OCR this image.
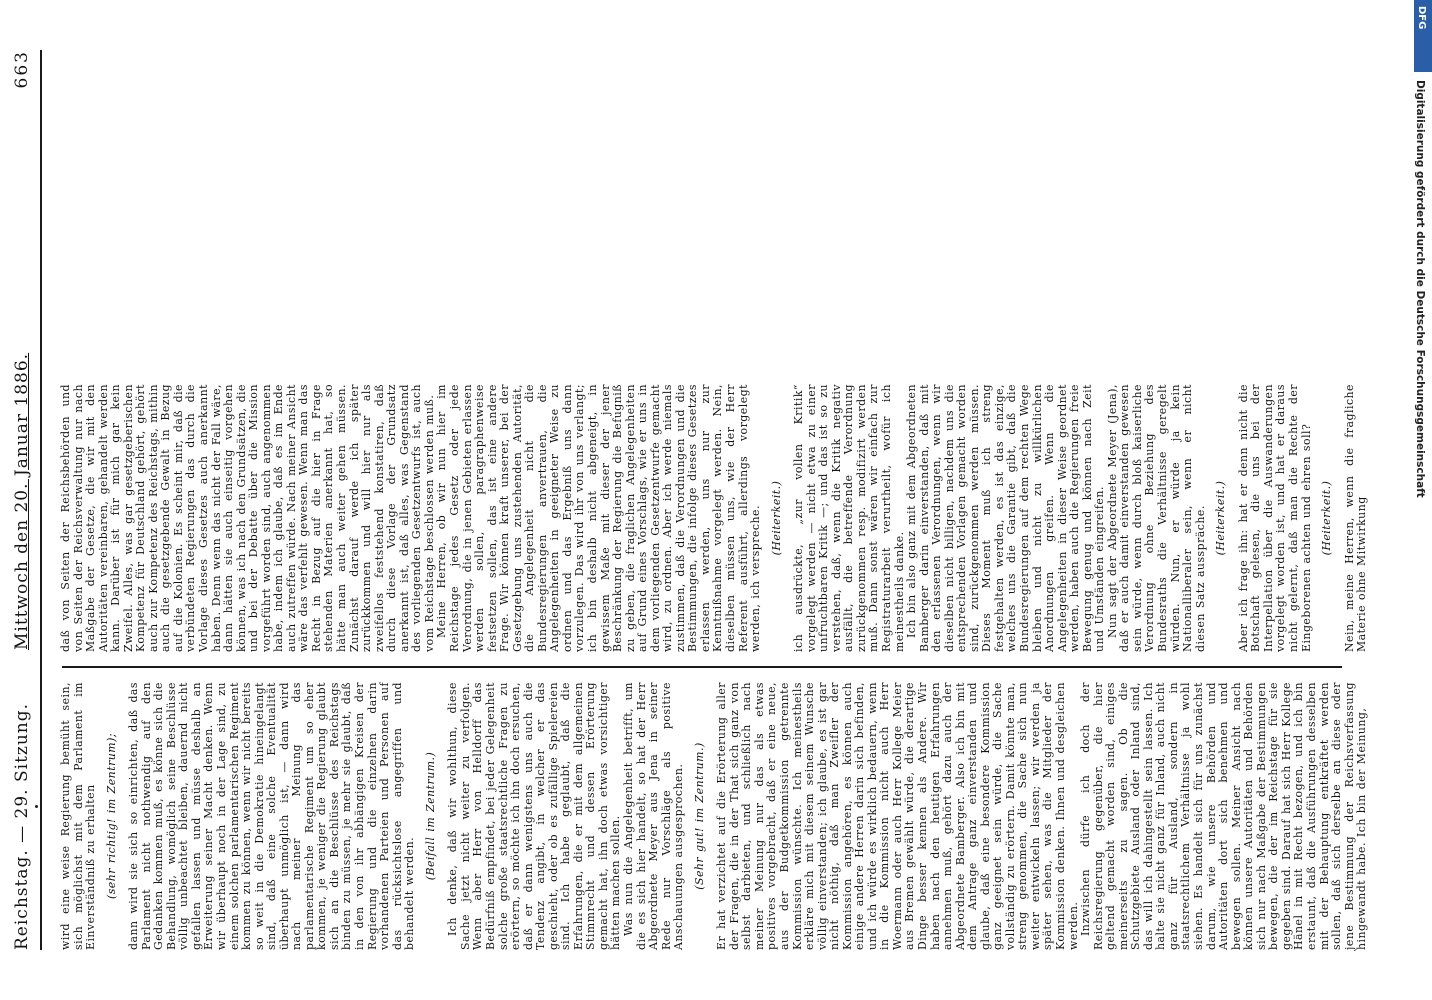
Reichstag. — 29. Sitzung.
Mittwoch den 20. Januar 1886.
663

wird eine weise Regierung bemüht sein, sich möglichst mit dem Parlament im Einverständniß zu erhalten (sehr richtig! im Zentrum); dann wird sie sich so einrichten, daß das Parlament nicht nothwendig auf den Gedanken kommen muß, es könne sich die Behandlung, womöglich seine Beschlüsse völlig unbeachtet bleiben, dauernd nicht gefallen lassen und müsse deshalb an Erweiterung seiner Macht denken. Wenn wir überhaupt noch in der Lage sind, zu einem solchen parlamentarischen Regiment kommen zu können, wenn wir nicht bereits so weit in die Demokratie hineingelangt sind, daß eine solche Eventualität überhaupt unmöglich ist, — dann wird nach meiner Meinung das parlamentarische Regiment um so eher kommen, je weniger die Regierung glaubt sich an die Beschlüsse des Reichstags binden zu müssen, je mehr sie glaubt, daß in den von ihr abhängigen Kreisen der Regierung und die einzelnen darin vorhandenen Parteien und Personen auf das rücksichtslose angegriffen und behandelt werden.

(Beifall im Zentrum.) Ich denke, daß wir wohlthun, diese Sache jetzt nicht weiter zu verfolgen. Wenn aber Herr von Helldorff das Bedürfniß empfindet, bei jeder Gelegenheit solche große staatsrechtliche Fragen zu erörtern, so möchte ich ihn doch ersuchen, daß er dann wenigstens uns auch die Tendenz angibt, in welcher er das geschieht, oder ob es zufällige Spielereien sind. Ich habe geglaubt, daß die Erfahrungen, die er mit dem allgemeinen Stimmrecht und dessen Erörterung gemacht hat, ihn doch etwas vorsichtiger hätten machen sollen. Was nun die Angelegenheit betrifft, um die es sich hier handelt, so hat der Herr Abgeordnete Meyer aus Jena in seiner Rede nur Vorschläge als positive Anschauungen ausgesprochen. (Sehr gut! im Zentrum.) Er hat verzichtet auf die Erörterung aller der Fragen, die in der That sich ganz von selbst darbieten, und schließlich nach meiner Meinung nur das als etwas positives vorgebracht, daß er eine neue, aus der Budgetkommission getrennte Kommission wünschte. Ich meinestheils erkläre mich mit diesem seinem Wunsche völlig einverstanden; ich glaube, es ist gar nicht nöthig, daß man Zweifler der Kommission angehören, es können auch einige andere Herren darin sich befinden, und ich würde es wirklich bedauern, wenn in die Kommission nicht auch Herr Woermann oder auch Herr Kollege Meier aus Bremen gewählt würde, die derartige Dinge besser kennen als Andere. Wir haben nach den heutigen Erfahrungen annehmen muß, gehört dazu auch der Abgeordnete Bamberger. Also ich bin mit dem Antrage ganz einverstanden und glaube, daß eine besondere Kommission ganz geeignet sein würde, die Sache vollständig zu erörtern. Damit könnte man, streng genommen, die Sache sich nun weiter entwickeln lassen; wir werden ja später sehen, was die Mitglieder der Kommission denken. Ihnen und desgleichen werden. Inzwischen dürfe ich doch der Reichsregierung gegenüber, die hier geltend gemacht worden sind, einiges meinerseits zu sagen. Ob die Schutzgebiete Ausland oder Inland sind, das will ich dahingestellt sein lassen. Ich halte sie nicht ganz für Inland, auch nicht ganz für Ausland, sondern in staatsrechtlichem Verhältnisse ja wohl siehen. Es handelt sich für uns zunächst darum, wie unsere Behörden und Autoritäten dort sich benehmen und bewegen sollen. Meiner Ansicht nach können unsere Autoritäten und Behörden sich nur nach Maßgabe der Bestimmungen bewegen, die der im Reichstage für sie gegeben sind. Darauf hat sich Herr Kollege Hänel in mit Recht bezogen, und ich bin erstaunt, daß die Ausführungen desselben mit der Behauptung entkräftet werden sollen, daß sich derselbe an diese oder jene Bestimmung der Reichsverfassung hingewandt habe. Ich bin der Meinung,

daß von Seiten der Reichsbehörden und von Seiten der Reichsverwaltung nur nach Maßgabe der Gesetze, die wir mit den Autoritäten vereinbaren, gehandelt werden kann. Darüber ist für mich gar kein Zweifel. Alles, was gar gesetzgeberischen Kompetenz für Deutschland gehört, gehört auch zur Kompetenz des Reichstags, mithin auch die gesetzgebende Gewalt in Bezug auf die Kolonien. Es scheint mir, daß die verbündeten Regierungen das durch die Vorlage dieses Gesetzes auch anerkannt haben. Denn wenn das nicht der Fall wäre, dann hätten sie auch einseitig vorgehen können, was ich nach den Grundsätzen, die und bei der Debatte über die Mission vorgeführt worden sind, auch angenommen habe, indem ich glaube, daß es im Ende auch zutreffen würde. Nach meiner Ansicht wäre das verfehlt gewesen. Wenn man das Recht in Bezug auf die hier in Frage stehenden Materien anerkannt hat, so hätte man auch weiter gehen müssen. Zunächst darauf werde ich später zurückkommen und will hier nur als zweifellos feststehend konstatiren, daß durch diese Vorlage der Grundsatz anerkannt ist, daß alles, was Gegenstand des vorliegenden Gesetzentwurfs ist, auch vom Reichstage beschlossen werden muß. Meine Herren, ob wir nun hier im Reichstage jedes Gesetz oder jede Verordnung, die in jenen Gebieten erlassen werden sollen, paragraphenweise festsetzen sollen, das ist eine andere Frage. Wir können kraft unserer, bei der Gesetzgebung uns zustehenden Autorität, die Angelegenheit nicht die Bundesregierungen anvertrauen, die Angelegenheiten in geeigneter Weise zu ordnen und das Ergebniß uns dann vorzulegen. Das wird ihr von uns verlangt; ich bin deshalb nicht abgeneigt, in gewissem Maße mit dieser der jener Beschränkung der Regierung die Befugniß zu geben, die fraglichen Angelegenheiten auf Grund eines Vorschlags, wie er uns in dem vorliegenden Gesetzentwurfe gemacht wird, zu ordnen. Aber ich werde niemals zustimmen, daß die Verordnungen und die Bestimmungen, die infolge dieses Gesetzes erlassen werden, uns nur zur Kenntnißnahme vorgelegt werden. Nein, dieselben müssen uns, wie der Herr Referent ausführt, allerdings vorgelegt werden, ich verspreche. (Heiterkeit.) ich ausdrückte, „zur vollen Kritik“ vorgelegt werden — nicht etwa zu einer unfruchtbaren Kritik —; und das ist so zu verstehen, daß, wenn die Kritik negativ ausfällt, die betreffende Verordnung zurückgenommen resp. modifizirt werden muß. Dann sonst wären wir einfach zur Registraturarbeit verurtheilt, wofür ich meinestheils danke. Ich bin also ganz mit dem Abgeordneten Bamberger darin einverstanden, daß mit den erlassenen Verordnungen, wenn wir dieselben nicht billigen, nachdem uns die entsprechenden Vorlagen gemacht worden sind, zurückgenommen werden müssen. Dieses Moment muß ich streng festgehalten werden, es ist das einzige, welches uns die Garantie gibt, daß die Bundesregierungen auf dem rechten Wege bleiben und nicht zu willkürlichen Anordnungen greifen. Wenn die Angelegenheiten in dieser Weise geordnet werden, haben auch die Regierungen freie Bewegung genug und können nach Zeit und Umständen eingreifen. Nun sagt der Abgeordnete Meyer (Jena), daß er auch damit einverstanden gewesen sein würde, wenn durch bloß kaiserliche Verordnung ohne Beziehung des Bundesraths die Verhältnisse geregelt würden. Nun, er würde ja kein Nationalliberaler sein, wenn er nicht diesen Satz ausspräche. (Heiterkeit.) Aber ich frage ihn: hat er denn nicht die Botschaft gelesen, die uns bei der Interpellation über die Auswanderungen vorgelegt worden ist, und hat er daraus nicht gelernt, daß man die Rechte der Eingeborenen achten und ehren soll? (Heiterkeit.) Nein, meine Herren, wenn die fragliche Materie ohne Mitwirkung

DFG
Digitalisierung gefördert durch die Deutsche Forschungsgemeinschaft
